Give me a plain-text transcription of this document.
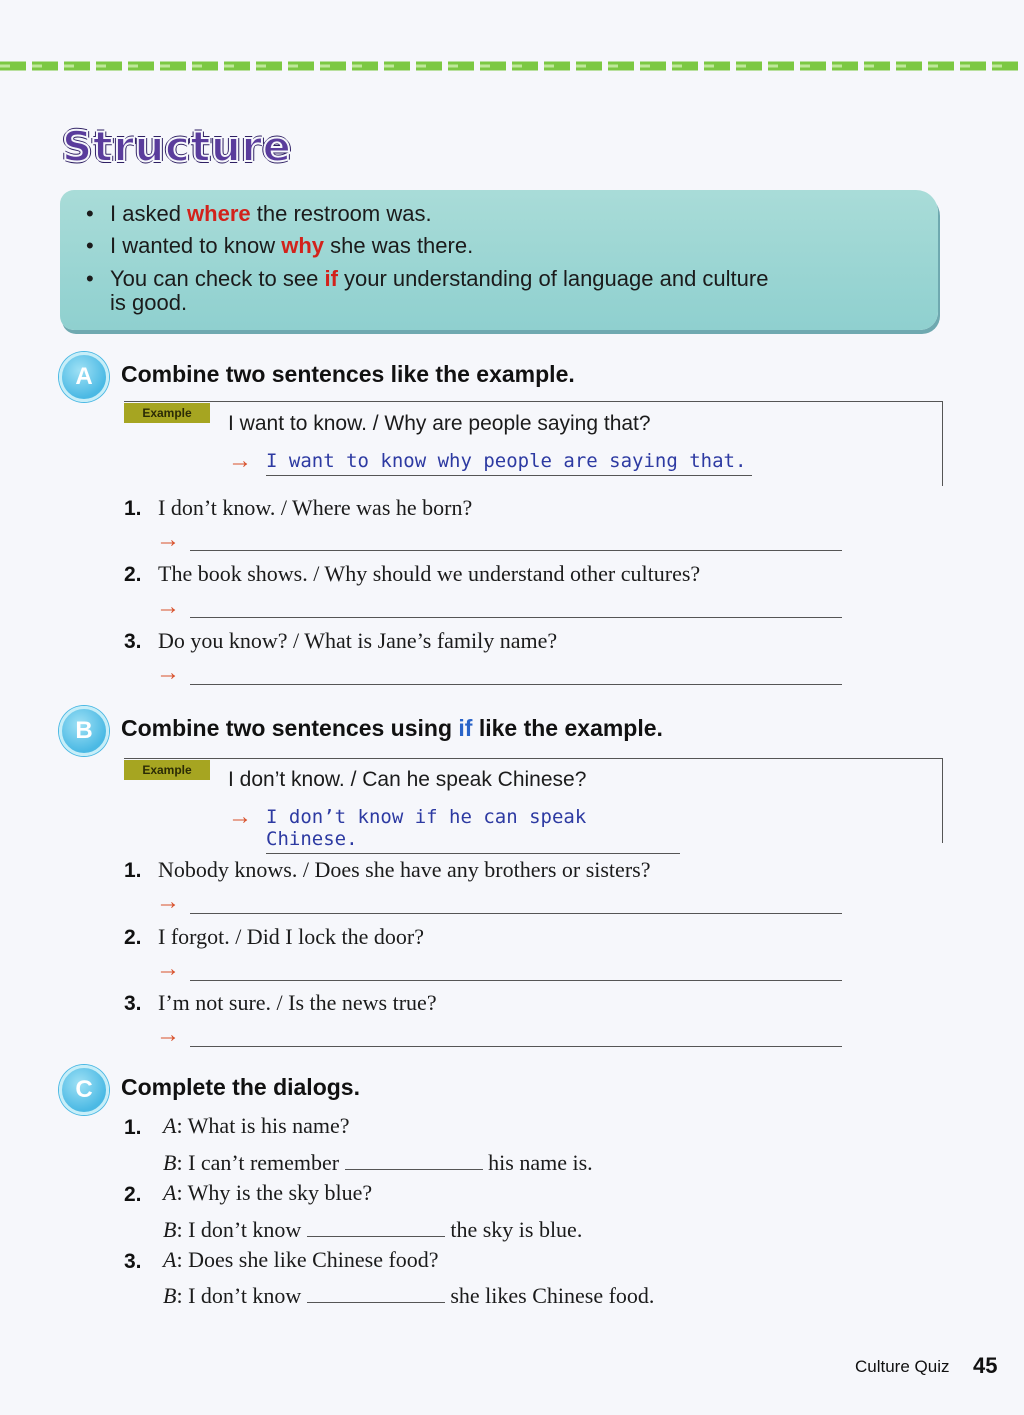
Structure
• I asked where the restroom was.
• I wanted to know why she was there.
• You can check to see if your understanding of language and culture
is good.
A	Combine two sentences like the example.
Example	I want to know. / Why are people saying that?
→ I want to know why people are saying that.
1. I don’t know. / Where was he born?
→
2. The book shows. / Why should we understand other cultures?
→
3. Do you know? / What is Jane’s family name?
→
B	Combine two sentences using if like the example.
Example	I don’t know. / Can he speak Chinese?
→ I don’t know if he can speak Chinese.
1. Nobody knows. / Does she have any brothers or sisters?
→
2. I forgot. / Did I lock the door?
→
3. I’m not sure. / Is the news true?
→
C	Complete the dialogs.
1. A: What is his name?
B: I can’t remember	his name is.
2. A: Why is the sky blue?
B: I don’t know	the sky is blue.
3. A: Does she like Chinese food?
B: I don’t know	she likes Chinese food.
Culture Quiz 45
